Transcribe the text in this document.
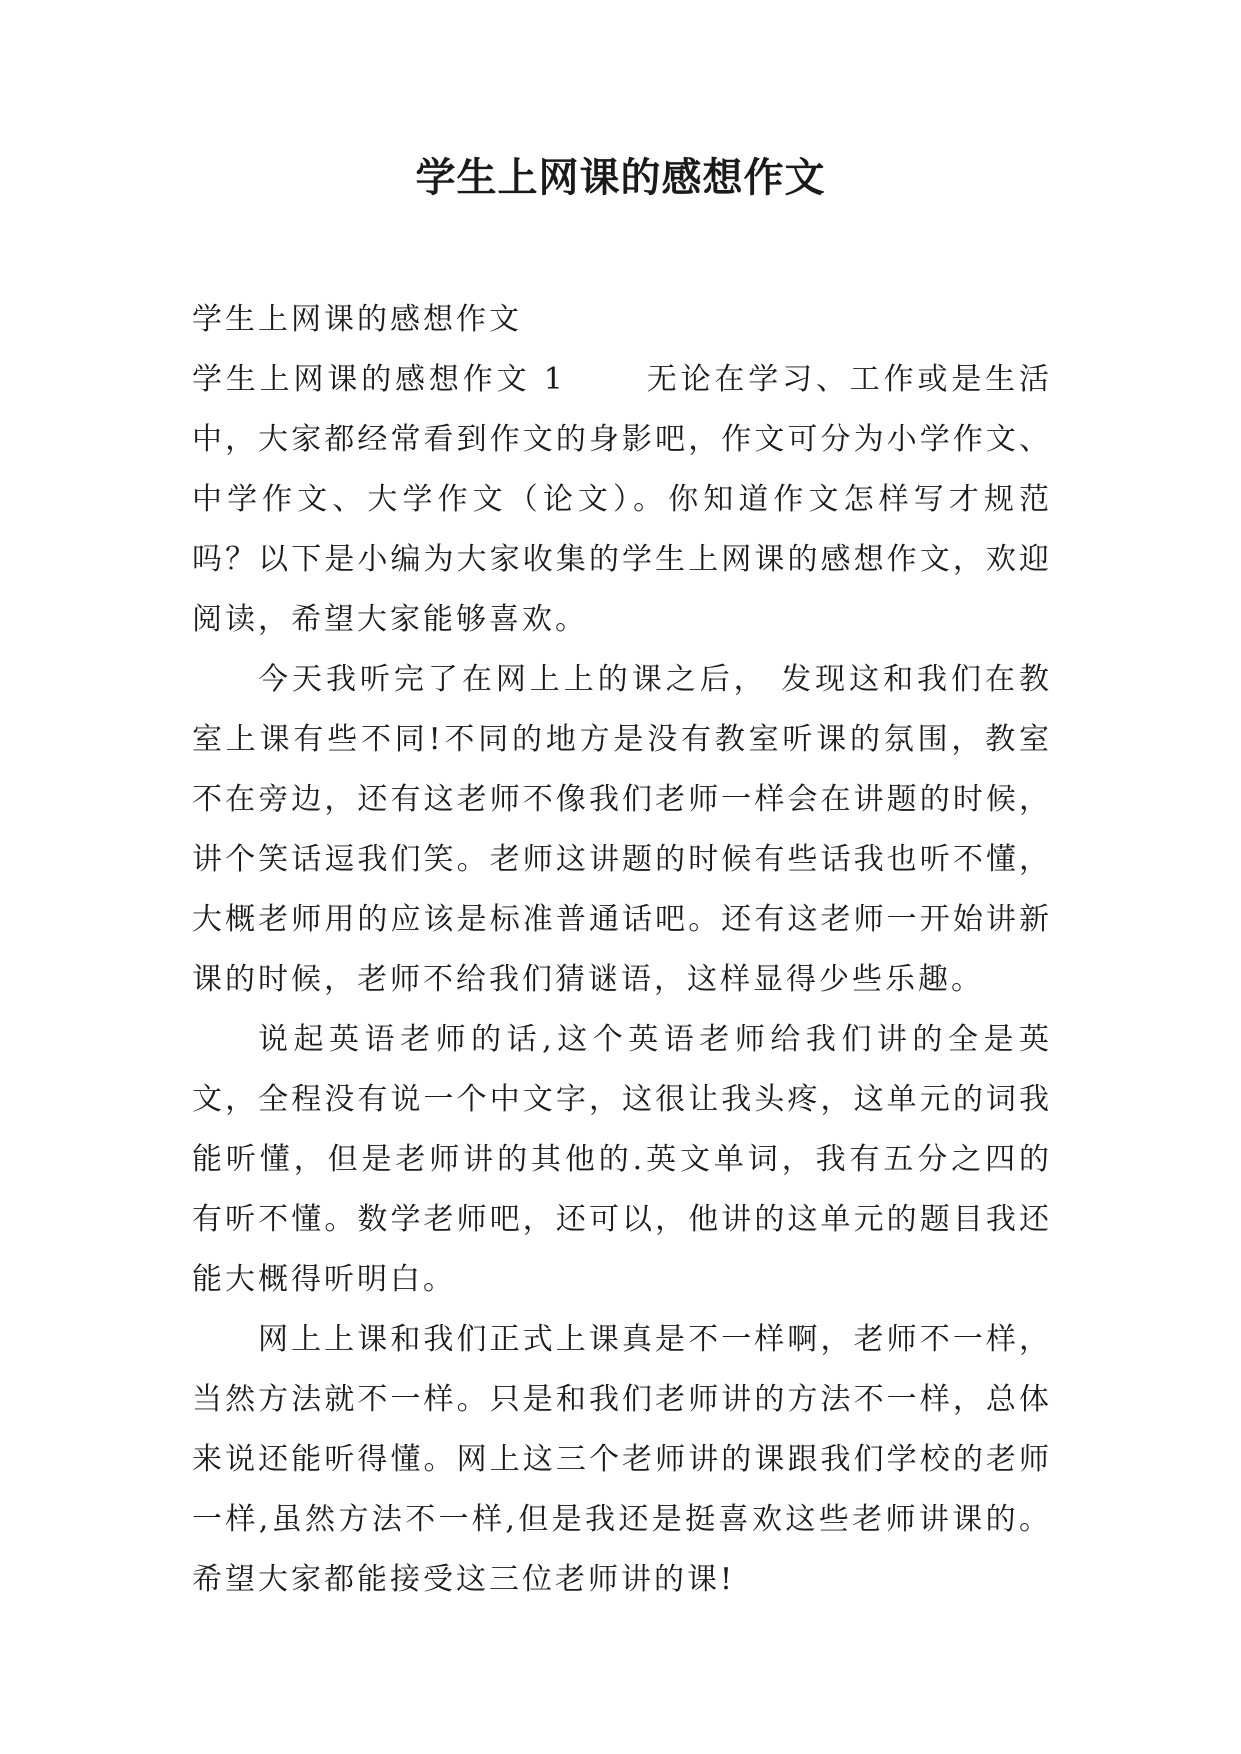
学生上网课的感想作文

学生上网课的感想作文

学生上网课的感想作文 1	无论在学习、工作或是生活中，大家都经常看到作文的身影吧，作文可分为小学作文、中学作文、大学作文（论文）。你知道作文怎样写才规范吗？以下是小编为大家收集的学生上网课的感想作文，欢迎阅读，希望大家能够喜欢。

今天我听完了在网上上的课之后， 发现这和我们在教室上课有些不同!不同的地方是没有教室听课的氛围，教室不在旁边，还有这老师不像我们老师一样会在讲题的时候，讲个笑话逗我们笑。老师这讲题的时候有些话我也听不懂，大概老师用的应该是标准普通话吧。还有这老师一开始讲新课的时候，老师不给我们猜谜语，这样显得少些乐趣。

说起英语老师的话,这个英语老师给我们讲的全是英文，全程没有说一个中文字，这很让我头疼，这单元的词我能听懂，但是老师讲的其他的.英文单词，我有五分之四的有听不懂。数学老师吧，还可以，他讲的这单元的题目我还能大概得听明白。

网上上课和我们正式上课真是不一样啊，老师不一样，当然方法就不一样。只是和我们老师讲的方法不一样，总体来说还能听得懂。网上这三个老师讲的课跟我们学校的老师一样,虽然方法不一样,但是我还是挺喜欢这些老师讲课的。希望大家都能接受这三位老师讲的课!
